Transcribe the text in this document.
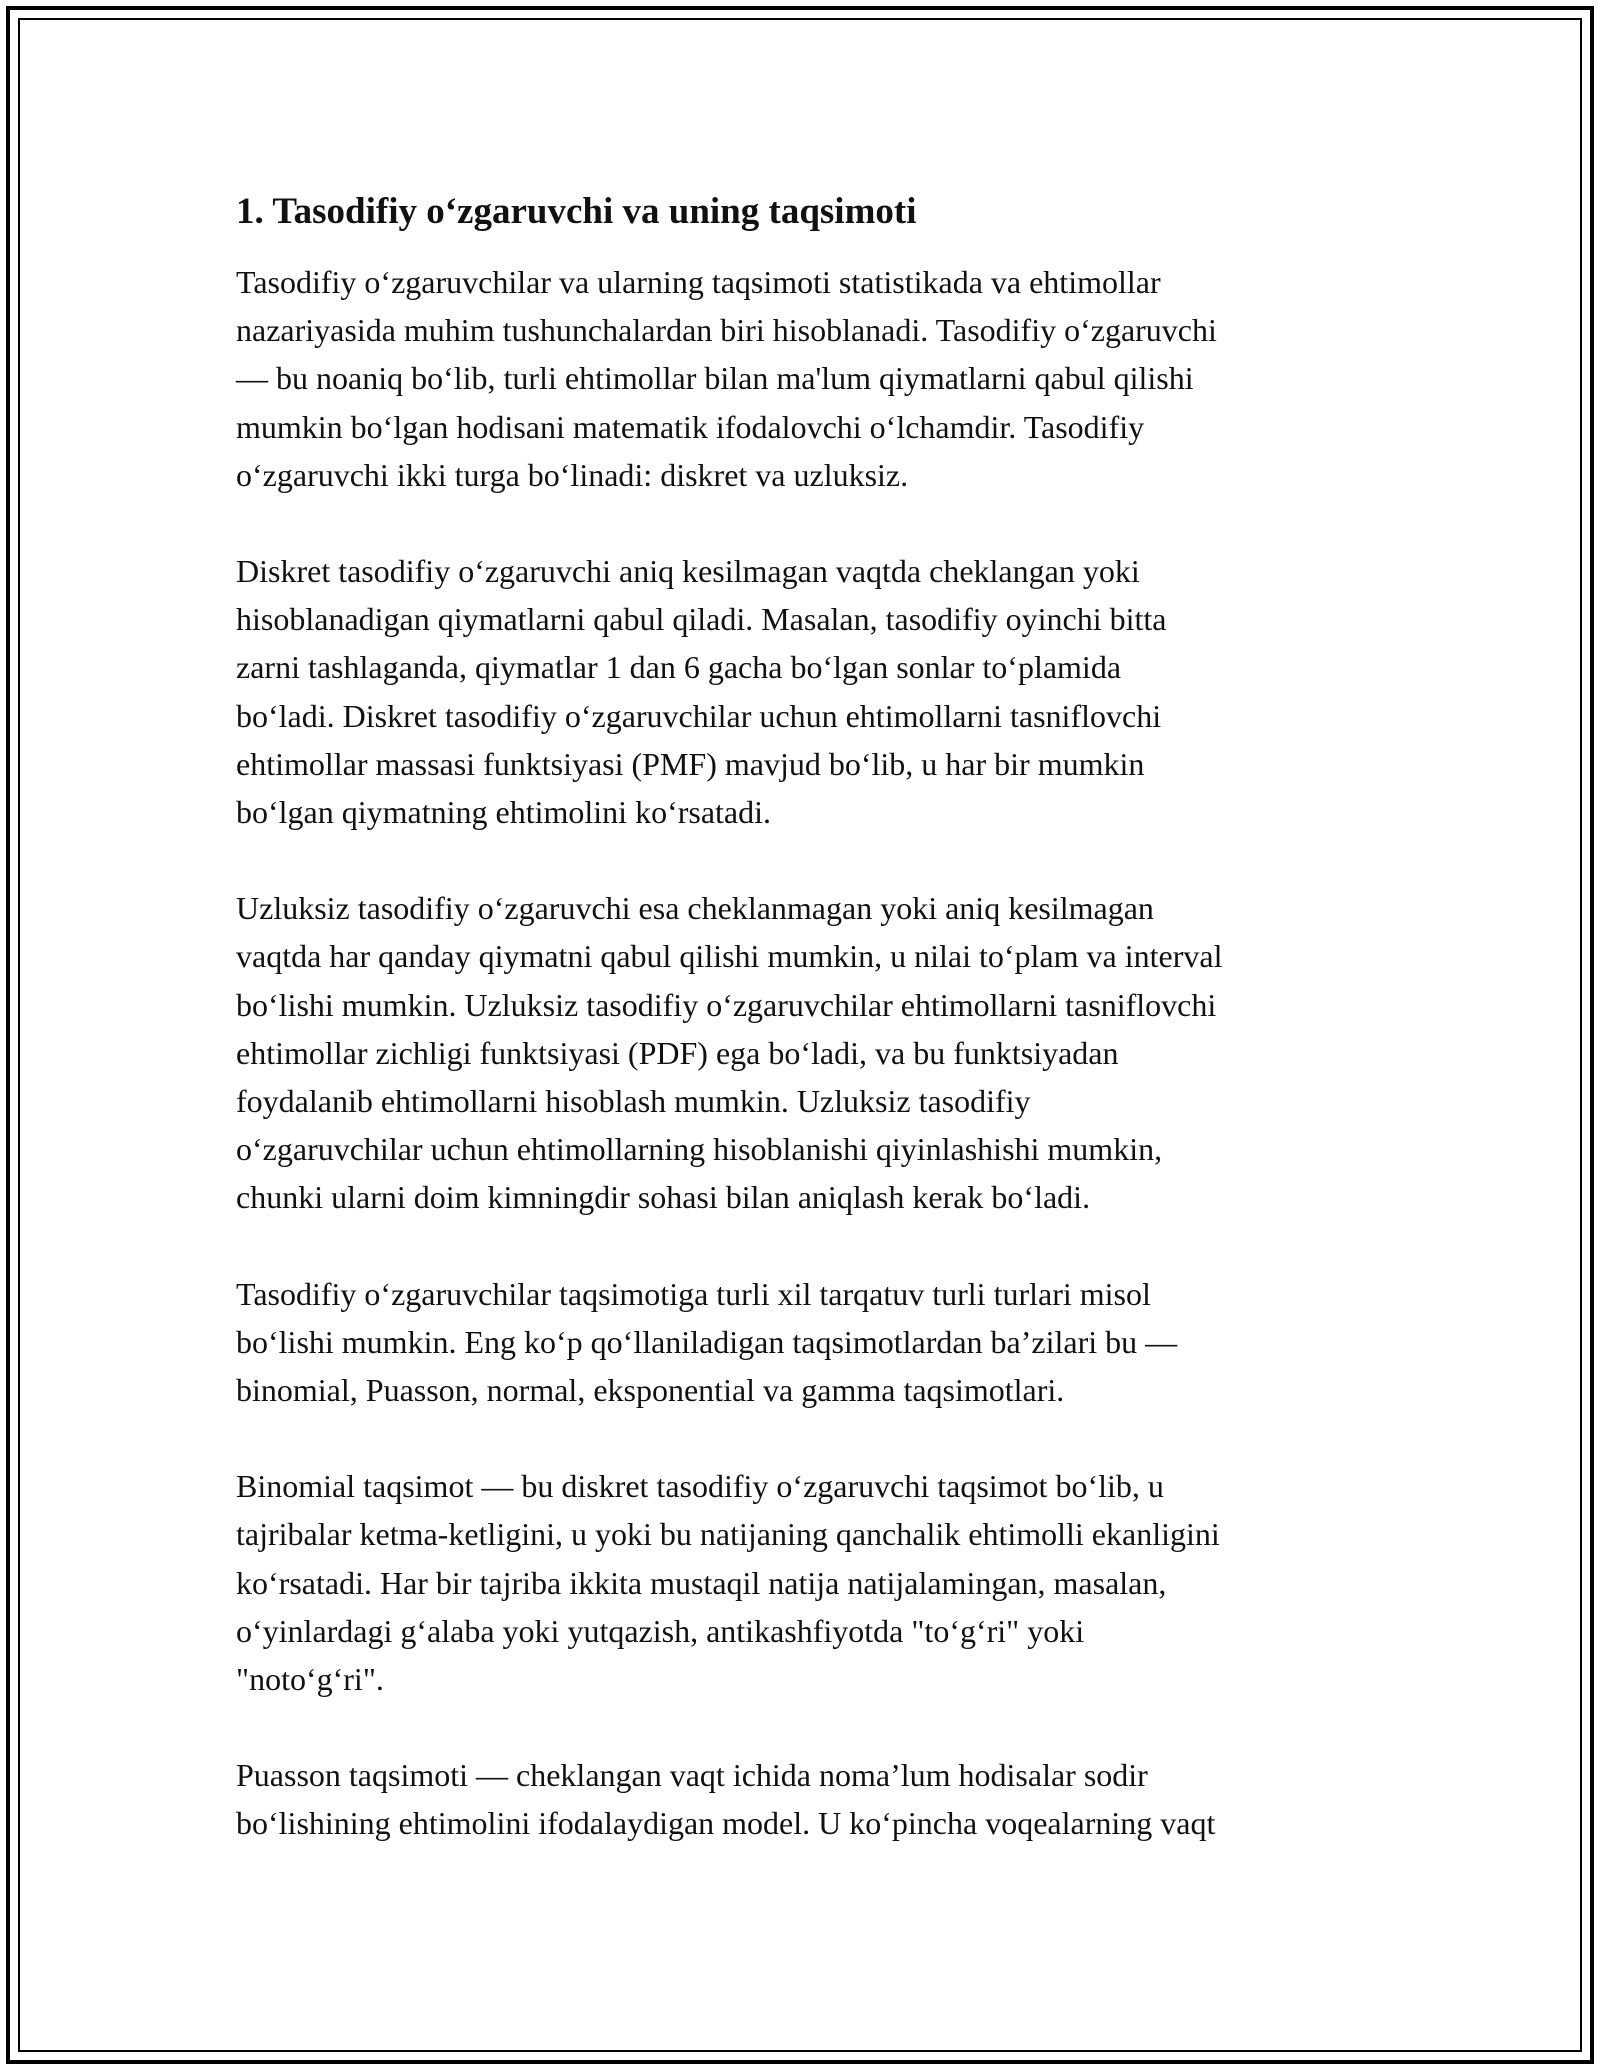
1. Tasodifiy o‘zgaruvchi va uning taqsimoti

Tasodifiy o‘zgaruvchilar va ularning taqsimoti statistikada va ehtimollar
nazariyasida muhim tushunchalardan biri hisoblanadi. Tasodifiy o‘zgaruvchi
— bu noaniq bo‘lib, turli ehtimollar bilan ma'lum qiymatlarni qabul qilishi
mumkin bo‘lgan hodisani matematik ifodalovchi o‘lchamdir. Tasodifiy
o‘zgaruvchi ikki turga bo‘linadi: diskret va uzluksiz.

Diskret tasodifiy o‘zgaruvchi aniq kesilmagan vaqtda cheklangan yoki
hisoblanadigan qiymatlarni qabul qiladi. Masalan, tasodifiy oyinchi bitta
zarni tashlaganda, qiymatlar 1 dan 6 gacha bo‘lgan sonlar to‘plamida
bo‘ladi. Diskret tasodifiy o‘zgaruvchilar uchun ehtimollarni tasniflovchi
ehtimollar massasi funktsiyasi (PMF) mavjud bo‘lib, u har bir mumkin
bo‘lgan qiymatning ehtimolini ko‘rsatadi.

Uzluksiz tasodifiy o‘zgaruvchi esa cheklanmagan yoki aniq kesilmagan
vaqtda har qanday qiymatni qabul qilishi mumkin, u nilai to‘plam va interval
bo‘lishi mumkin. Uzluksiz tasodifiy o‘zgaruvchilar ehtimollarni tasniflovchi
ehtimollar zichligi funktsiyasi (PDF) ega bo‘ladi, va bu funktsiyadan
foydalanib ehtimollarni hisoblash mumkin. Uzluksiz tasodifiy
o‘zgaruvchilar uchun ehtimollarning hisoblanishi qiyinlashishi mumkin,
chunki ularni doim kimningdir sohasi bilan aniqlash kerak bo‘ladi.

Tasodifiy o‘zgaruvchilar taqsimotiga turli xil tarqatuv turli turlari misol
bo‘lishi mumkin. Eng ko‘p qo‘llaniladigan taqsimotlardan ba’zilari bu —
binomial, Puasson, normal, eksponential va gamma taqsimotlari.

Binomial taqsimot — bu diskret tasodifiy o‘zgaruvchi taqsimot bo‘lib, u
tajribalar ketma-ketligini, u yoki bu natijaning qanchalik ehtimolli ekanligini
ko‘rsatadi. Har bir tajriba ikkita mustaqil natija natijalamingan, masalan,
o‘yinlardagi g‘alaba yoki yutqazish, antikashfiyotda "to‘g‘ri" yoki
"noto‘g‘ri".

Puasson taqsimoti — cheklangan vaqt ichida noma’lum hodisalar sodir
bo‘lishining ehtimolini ifodalaydigan model. U ko‘pincha voqealarning vaqt
